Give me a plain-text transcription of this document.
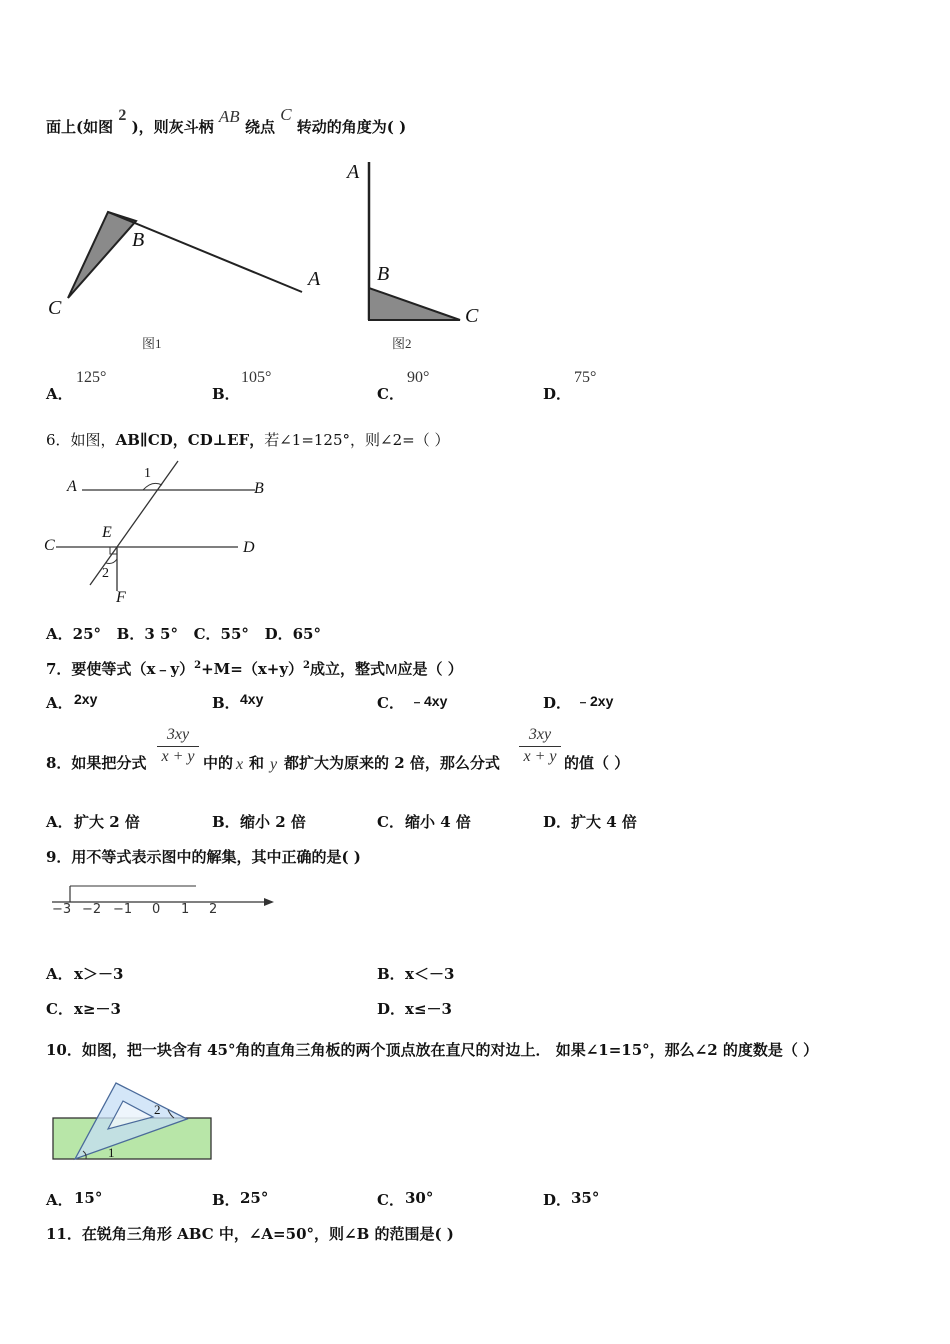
面上(如图 2 )，则灰斗柄 AB 绕点 C 转动的角度为( )
C
B
A
图1
A
B
C
图2
A．
125°
B．
105°
C．
90°
D．
75°
6．如图，AB∥CD，CD⊥EF，若∠1=125°，则∠2=（ ）
A	B
C	D
E
F
1
2
A．25°   B．3 5°   C．55°   D．65°
7．要使等式$(x﹣y)^2+M=(x+y)^2$成立，整式M应是（ ）
A． 2xy	B． 4xy	C． ﹣4xy	D． ﹣2xy
8．如果把分式 $\frac{3xy}{x + y}$ 中的 x 和 y 都扩大为原来的 2 倍，那么分式 $\frac{3xy}{x + y}$ 的值（ ）
A． 扩大 2 倍	B． 缩小 2 倍	C． 缩小 4 倍	D． 扩大 4 倍
9．用不等式表示图中的解集，其中正确的是( )
−3 −2 −1 0 1 2
A． x＞－3	B． x＜－3
C． x≥－3	D． x≤－3
10．如图，把一块含有 45°角的直角三角板的两个顶点放在直尺的对边上． 如果∠1=15°，那么∠2 的度数是（ ）
1
2
A． 15°	B． 25°	C． 30°	D． 35°
11．在锐角三角形 ABC 中，∠A=50°，则∠B 的范围是( )
